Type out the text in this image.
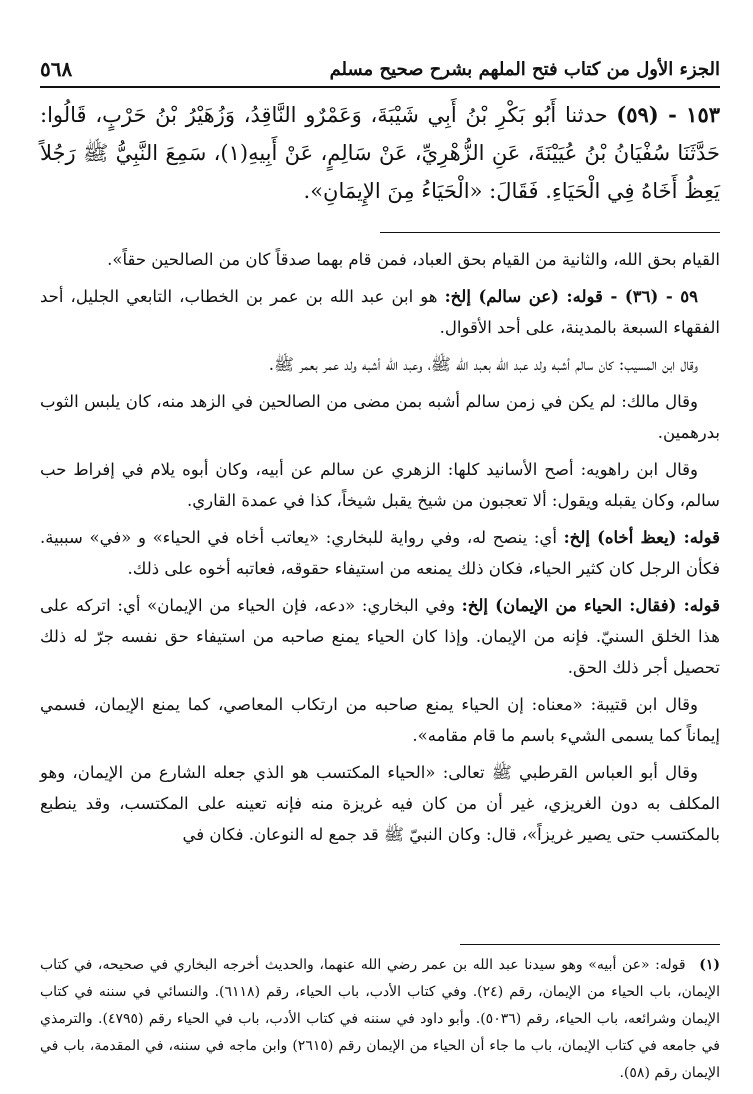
الجزء الأول من كتاب فتح الملهم بشرح صحيح مسلم
٥٦٨
١٥٣ - (٥٩) حدثنا أَبُو بَكْرِ بْنُ أَبِي شَيْبَةَ، وَعَمْرٌو النَّاقِدُ، وَزُهَيْرُ بْنُ حَرْبٍ، قَالُوا: حَدَّثَنَا سُفْيَانُ بْنُ عُيَيْنَةَ، عَنِ الزُّهْرِيِّ، عَنْ سَالِمٍ، عَنْ أَبِيهِ(١)، سَمِعَ النَّبِيُّ ﷺ رَجُلاً يَعِظُ أَخَاهُ فِي الْحَيَاءِ. فَقَالَ: «الْحَيَاءُ مِنَ الإِيمَانِ».

القيام بحق الله، والثانية من القيام بحق العباد، فمن قام بهما صدقاً كان من الصالحين حقاً».

٥٩ - (٣٦) - قوله: (عن سالم) إلخ: هو ابن عبد الله بن عمر بن الخطاب، التابعي الجليل، أحد الفقهاء السبعة بالمدينة، على أحد الأقوال.

وقال ابن المسيب: كان سالم أشبه ولد عبد الله بعبد الله ﷺ، وعبد الله أشبه ولد عمر بعمر ﷺ.

وقال مالك: لم يكن في زمن سالم أشبه بمن مضى من الصالحين في الزهد منه، كان يلبس الثوب بدرهمين.

وقال ابن راهويه: أصح الأسانيد كلها: الزهري عن سالم عن أبيه، وكان أبوه يلام في إفراط حب سالم، وكان يقبله ويقول: ألا تعجبون من شيخ يقبل شيخاً، كذا في عمدة القاري.

قوله: (يعظ أخاه) إلخ: أي: ينصح له، وفي رواية للبخاري: «يعاتب أخاه في الحياء» و «في» سببية. فكأن الرجل كان كثير الحياء، فكان ذلك يمنعه من استيفاء حقوقه، فعاتبه أخوه على ذلك.

قوله: (فقال: الحياء من الإيمان) إلخ: وفي البخاري: «دعه، فإن الحياء من الإيمان» أي: اتركه على هذا الخلق السنيّ. فإنه من الإيمان. وإذا كان الحياء يمنع صاحبه من استيفاء حق نفسه جرّ له ذلك تحصيل أجر ذلك الحق.

وقال ابن قتيبة: «معناه: إن الحياء يمنع صاحبه من ارتكاب المعاصي، كما يمنع الإيمان، فسمي إيماناً كما يسمى الشيء باسم ما قام مقامه».

وقال أبو العباس القرطبي ﷺ تعالى: «الحياء المكتسب هو الذي جعله الشارع من الإيمان، وهو المكلف به دون الغريزي، غير أن من كان فيه غريزة منه فإنه تعينه على المكتسب، وقد ينطبع بالمكتسب حتى يصير غريزاً»، قال: وكان النبيّ ﷺ قد جمع له النوعان. فكان في

(١) قوله: «عن أبيه» وهو سيدنا عبد الله بن عمر رضي الله عنهما، والحديث أخرجه البخاري في صحيحه، في كتاب الإيمان، باب الحياء من الإيمان، رقم (٢٤). وفي كتاب الأدب، باب الحياء، رقم (٦١١٨). والنسائي في سننه في كتاب الإيمان وشرائعه، باب الحياء، رقم (٥٠٣٦). وأبو داود في سننه في كتاب الأدب، باب في الحياء رقم (٤٧٩٥). والترمذي في جامعه في كتاب الإيمان، باب ما جاء أن الحياء من الإيمان رقم (٢٦١٥) وابن ماجه في سننه، في المقدمة، باب في الإيمان رقم (٥٨).
